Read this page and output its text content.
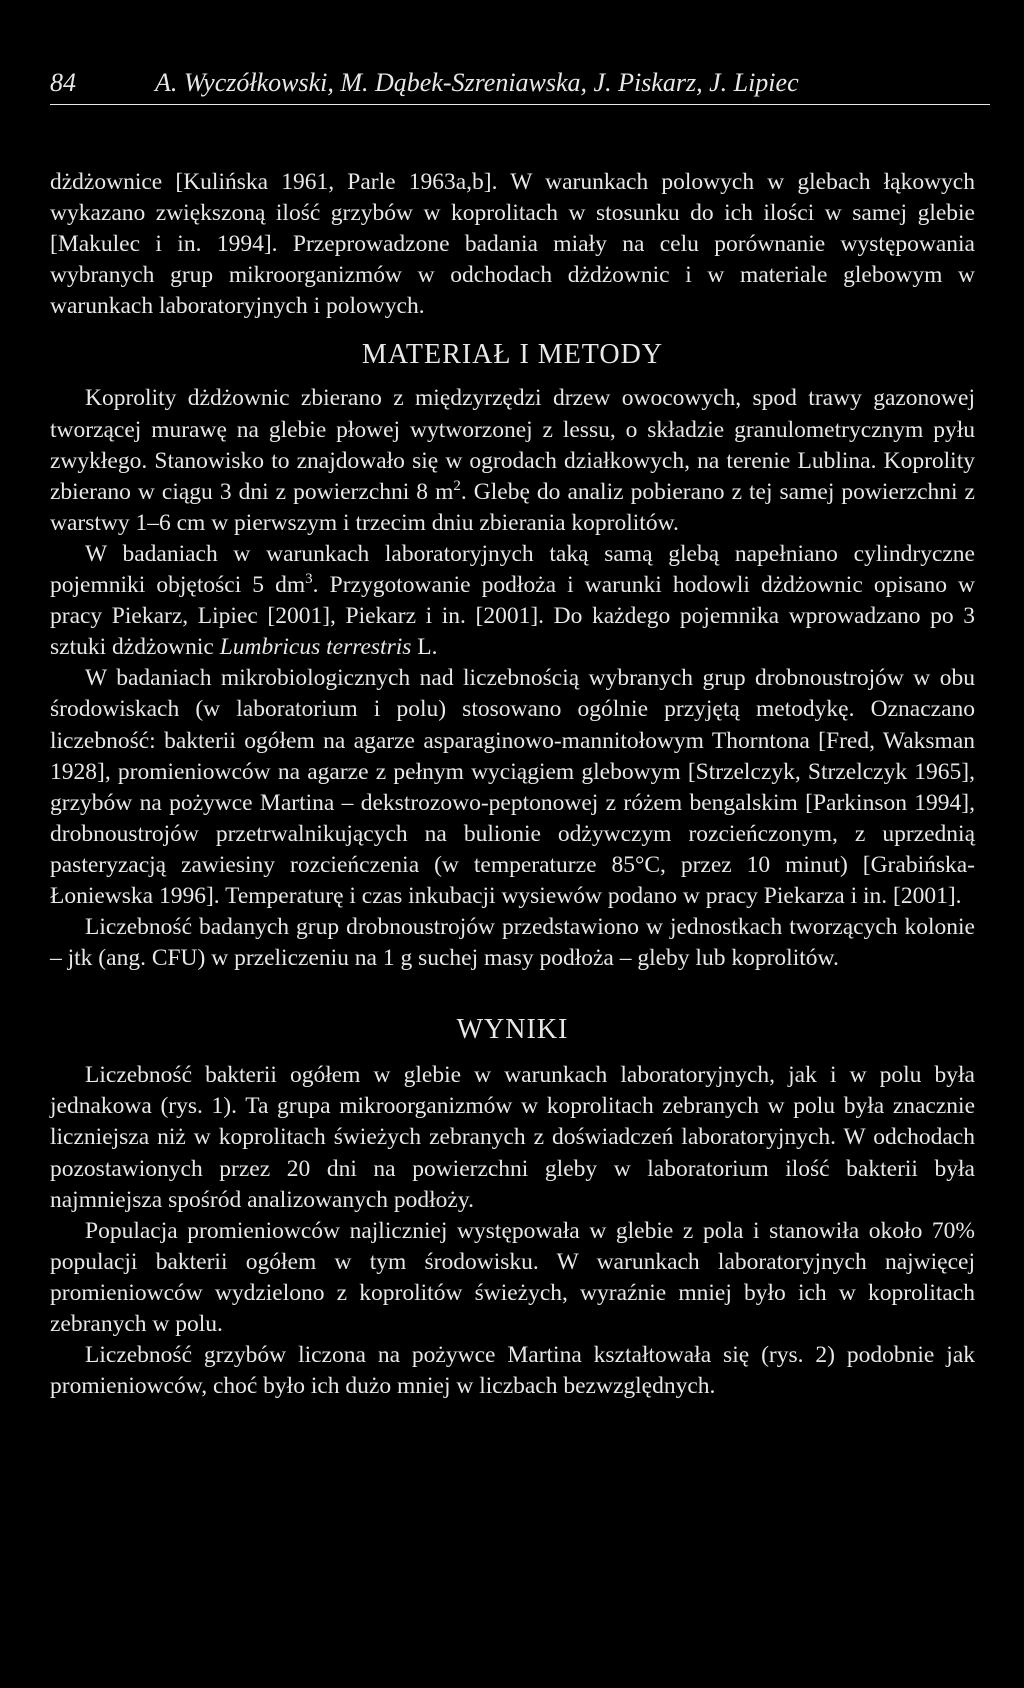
84	A. Wyczółkowski, M. Dąbek-Szreniawska, J. Piskarz, J. Lipiec

dżdżownice [Kulińska 1961, Parle 1963a,b]. W warunkach polowych w glebach łąkowych wykazano zwiększoną ilość grzybów w koprolitach w stosunku do ich ilości w samej glebie [Makulec i in. 1994]. Przeprowadzone badania miały na celu porównanie występowania wybranych grup mikroorganizmów w odchodach dżdżownic i w materiale glebowym w warunkach laboratoryjnych i polowych.

MATERIAŁ I METODY

Koprolity dżdżownic zbierano z międzyrzędzi drzew owocowych, spod trawy gazonowej tworzącej murawę na glebie płowej wytworzonej z lessu, o składzie granulometrycznym pyłu zwykłego. Stanowisko to znajdowało się w ogrodach działkowych, na terenie Lublina. Koprolity zbierano w ciągu 3 dni z powierzchni 8 $m^2$. Glebę do analiz pobierano z tej samej powierzchni z warstwy 1–6 cm w pierwszym i trzecim dniu zbierania koprolitów.

W badaniach w warunkach laboratoryjnych taką samą glebą napełniano cylindryczne pojemniki objętości 5 $dm^3$. Przygotowanie podłoża i warunki hodowli dżdżownic opisano w pracy Piekarz, Lipiec [2001], Piekarz i in. [2001]. Do każdego pojemnika wprowadzano po 3 sztuki dżdżownic Lumbricus terrestris L.

W badaniach mikrobiologicznych nad liczebnością wybranych grup drobnoustrojów w obu środowiskach (w laboratorium i polu) stosowano ogólnie przyjętą metodykę. Oznaczano liczebność: bakterii ogółem na agarze asparaginowo-mannitołowym Thorntona [Fred, Waksman 1928], promieniowców na agarze z pełnym wyciągiem glebowym [Strzelczyk, Strzelczyk 1965], grzybów na pożywce Martina – dekstrozowo-peptonowej z różem bengalskim [Parkinson 1994], drobnoustrojów przetrwalnikujących na bulionie odżywczym rozcieńczonym, z uprzednią pasteryzacją zawiesiny rozcieńczenia (w temperaturze 85°C, przez 10 minut) [Grabińska-Łoniewska 1996]. Temperaturę i czas inkubacji wysiewów podano w pracy Piekarza i in. [2001].

Liczebność badanych grup drobnoustrojów przedstawiono w jednostkach tworzących kolonie – jtk (ang. CFU) w przeliczeniu na 1 g suchej masy podłoża – gleby lub koprolitów.

WYNIKI

Liczebność bakterii ogółem w glebie w warunkach laboratoryjnych, jak i w polu była jednakowa (rys. 1). Ta grupa mikroorganizmów w koprolitach zebranych w polu była znacznie liczniejsza niż w koprolitach świeżych zebranych z doświadczeń laboratoryjnych. W odchodach pozostawionych przez 20 dni na powierzchni gleby w laboratorium ilość bakterii była najmniejsza spośród analizowanych podłoży.

Populacja promieniowców najliczniej występowała w glebie z pola i stanowiła około 70% populacji bakterii ogółem w tym środowisku. W warunkach laboratoryjnych najwięcej promieniowców wydzielono z koprolitów świeżych, wyraźnie mniej było ich w koprolitach zebranych w polu.

Liczebność grzybów liczona na pożywce Martina kształtowała się (rys. 2) podobnie jak promieniowców, choć było ich dużo mniej w liczbach bezwzględnych.
